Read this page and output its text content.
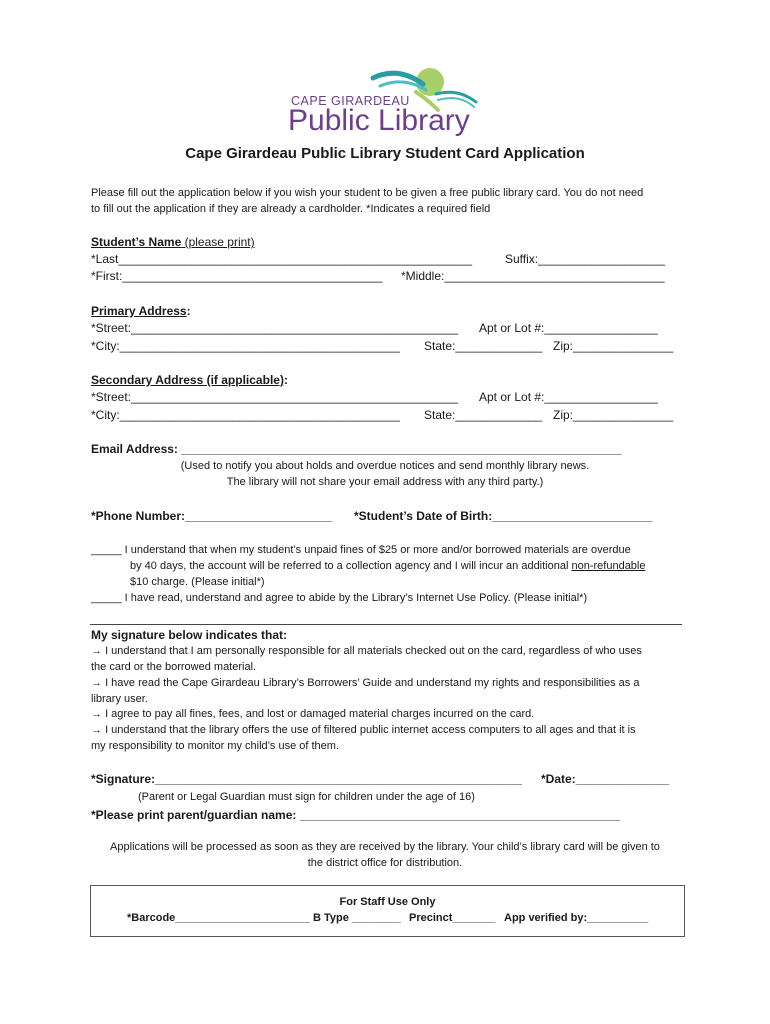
CAPE GIRARDEAU
Public Library
Cape Girardeau Public Library Student Card Application
Please fill out the application below if you wish your student to be given a free public library card. You do not need
to fill out the application if they are already a cardholder. *Indicates a required field
Student’s Name (please print)
*Last_____________________________________________________	Suffix:___________________
*First:_______________________________________ *Middle:_________________________________
Primary Address:
*Street:_________________________________________________ Apt or Lot #:_________________
*City:__________________________________________ State:_____________ Zip:_______________
Secondary Address (if applicable):
*Street:_________________________________________________ Apt or Lot #:_________________
*City:__________________________________________ State:_____________ Zip:_______________
Email Address: __________________________________________________________________
(Used to notify you about holds and overdue notices and send monthly library news.
The library will not share your email address with any third party.)
*Phone Number:______________________ *Student’s Date of Birth:________________________
_____ I understand that when my student’s unpaid fines of $25 or more and/or borrowed materials are overdue
by 40 days, the account will be referred to a collection agency and I will incur an additional non-refundable
$10 charge. (Please initial*)
_____ I have read, understand and agree to abide by the Library’s Internet Use Policy. (Please initial*)
My signature below indicates that:
→ I understand that I am personally responsible for all materials checked out on the card, regardless of who uses
the card or the borrowed material.
→ I have read the Cape Girardeau Library’s Borrowers’ Guide and understand my rights and responsibilities as a
library user.
→ I agree to pay all fines, fees, and lost or damaged material charges incurred on the card.
→ I understand that the library offers the use of filtered public internet access computers to all ages and that it is
my responsibility to monitor my child’s use of them.
*Signature:_______________________________________________________ *Date:______________
(Parent or Legal Guardian must sign for children under the age of 16)
*Please print parent/guardian name: ________________________________________________
Applications will be processed as soon as they are received by the library. Your child’s library card will be given to
the district office for distribution.
For Staff Use Only
*Barcode______________________ B Type ________ Precinct_______ App verified by:__________
